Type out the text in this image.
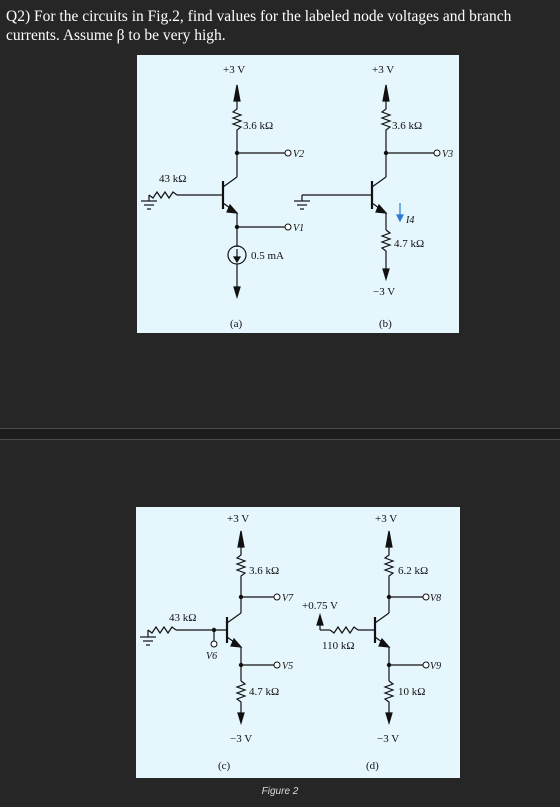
Q2) For the circuits in Fig.2, find values for the labeled node voltages and branch currents. Assume β to be very high.

+3 V
3.6 kΩ
V2
43 kΩ
V1
0.5 mA
(a)
+3 V
3.6 kΩ
V3
I4
4.7 kΩ
−3 V
(b)
+3 V
3.6 kΩ
V7
43 kΩ
V6
V5
4.7 kΩ
−3 V
(c)
+3 V
6.2 kΩ
V8
+0.75 V
110 kΩ
V9
10 kΩ
−3 V
(d)
Figure 2
